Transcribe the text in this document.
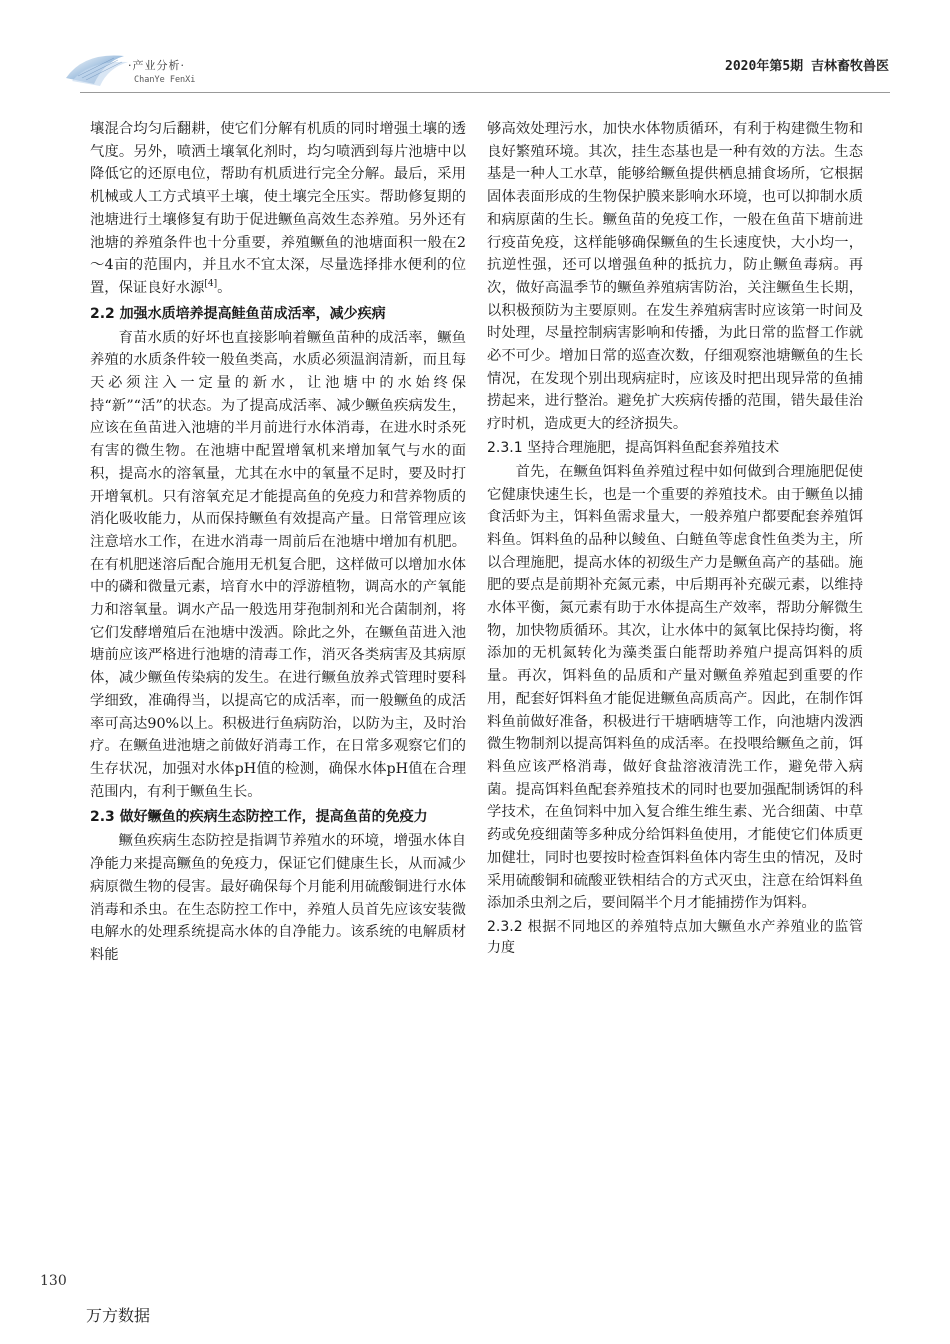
·产业分析·
ChanYe FenXi
2020年第5期 吉林畜牧兽医

壤混合均匀后翻耕，使它们分解有机质的同时增强土壤的透气度。另外，喷洒土壤氧化剂时，均匀喷洒到每片池塘中以降低它的还原电位，帮助有机质进行完全分解。最后，采用机械或人工方式填平土壤，使土壤完全压实。帮助修复期的池塘进行土壤修复有助于促进鳜鱼高效生态养殖。另外还有池塘的养殖条件也十分重要，养殖鳜鱼的池塘面积一般在2～4亩的范围内，并且水不宜太深，尽量选择排水便利的位置，保证良好水源[4]。

2.2 加强水质培养提高鲑鱼苗成活率，减少疾病

育苗水质的好坏也直接影响着鳜鱼苗种的成活率，鳜鱼养殖的水质条件较一般鱼类高，水质必须温润清新，而且每天必须注入一定量的新水，让池塘中的水始终保持“新”“活”的状态。为了提高成活率、减少鳜鱼疾病发生，应该在鱼苗进入池塘的半月前进行水体消毒，在进水时杀死有害的微生物。在池塘中配置增氧机来增加氧气与水的面积，提高水的溶氧量，尤其在水中的氧量不足时，要及时打开增氧机。只有溶氧充足才能提高鱼的免疫力和营养物质的消化吸收能力，从而保持鳜鱼有效提高产量。日常管理应该注意培水工作，在进水消毒一周前后在池塘中增加有机肥。在有机肥迷溶后配合施用无机复合肥，这样做可以增加水体中的磷和微量元素，培育水中的浮游植物，调高水的产氧能力和溶氧量。调水产品一般选用芽孢制剂和光合菌制剂，将它们发酵增殖后在池塘中泼洒。除此之外，在鳜鱼苗进入池塘前应该严格进行池塘的清毒工作，消灭各类病害及其病原体，减少鳜鱼传染病的发生。在进行鳜鱼放养式管理时要科学细致，准确得当，以提高它的成活率，而一般鳜鱼的成活率可高达90%以上。积极进行鱼病防治，以防为主，及时治疗。在鳜鱼进池塘之前做好消毒工作，在日常多观察它们的生存状况，加强对水体pH值的检测，确保水体pH值在合理范围内，有利于鳜鱼生长。

2.3 做好鳜鱼的疾病生态防控工作，提高鱼苗的免疫力

鳜鱼疾病生态防控是指调节养殖水的环境，增强水体自净能力来提高鳜鱼的免疫力，保证它们健康生长，从而减少病原微生物的侵害。最好确保每个月能利用硫酸铜进行水体消毒和杀虫。在生态防控工作中，养殖人员首先应该安装微电解水的处理系统提高水体的自净能力。该系统的电解质材料能

够高效处理污水，加快水体物质循环，有利于构建微生物和良好繁殖环境。其次，挂生态基也是一种有效的方法。生态基是一种人工水草，能够给鳜鱼提供栖息捕食场所，它根据固体表面形成的生物保护膜来影响水环境，也可以抑制水质和病原菌的生长。鳜鱼苗的免疫工作，一般在鱼苗下塘前进行疫苗免疫，这样能够确保鳜鱼的生长速度快，大小均一，抗逆性强，还可以增强鱼种的抵抗力，防止鳜鱼毒病。再次，做好高温季节的鳜鱼养殖病害防治，关注鳜鱼生长期，以积极预防为主要原则。在发生养殖病害时应该第一时间及时处理，尽量控制病害影响和传播，为此日常的监督工作就必不可少。增加日常的巡查次数，仔细观察池塘鳜鱼的生长情况，在发现个别出现病症时，应该及时把出现异常的鱼捕捞起来，进行整治。避免扩大疾病传播的范围，错失最佳治疗时机，造成更大的经济损失。

2.3.1 坚持合理施肥，提高饵料鱼配套养殖技术

首先，在鳜鱼饵料鱼养殖过程中如何做到合理施肥促使它健康快速生长，也是一个重要的养殖技术。由于鳜鱼以捕食活虾为主，饵料鱼需求量大，一般养殖户都要配套养殖饵料鱼。饵料鱼的品种以鲮鱼、白鲢鱼等虑食性鱼类为主，所以合理施肥，提高水体的初级生产力是鳜鱼高产的基础。施肥的要点是前期补充氮元素，中后期再补充碳元素，以维持水体平衡，氮元素有助于水体提高生产效率，帮助分解微生物，加快物质循环。其次，让水体中的氮氧比保持均衡，将添加的无机氮转化为藻类蛋白能帮助养殖户提高饵料的质量。再次，饵料鱼的品质和产量对鳜鱼养殖起到重要的作用，配套好饵料鱼才能促进鳜鱼高质高产。因此，在制作饵料鱼前做好准备，积极进行干塘晒塘等工作，向池塘内泼洒微生物制剂以提高饵料鱼的成活率。在投喂给鳜鱼之前，饵料鱼应该严格消毒，做好食盐溶液清洗工作，避免带入病菌。提高饵料鱼配套养殖技术的同时也要加强配制诱饵的科学技术，在鱼饲料中加入复合维生维生素、光合细菌、中草药或免疫细菌等多种成分给饵料鱼使用，才能使它们体质更加健壮，同时也要按时检查饵料鱼体内寄生虫的情况，及时采用硫酸铜和硫酸亚铁相结合的方式灭虫，注意在给饵料鱼添加杀虫剂之后，要间隔半个月才能捕捞作为饵料。

2.3.2 根据不同地区的养殖特点加大鳜鱼水产养殖业的监管力度
130
万方数据
